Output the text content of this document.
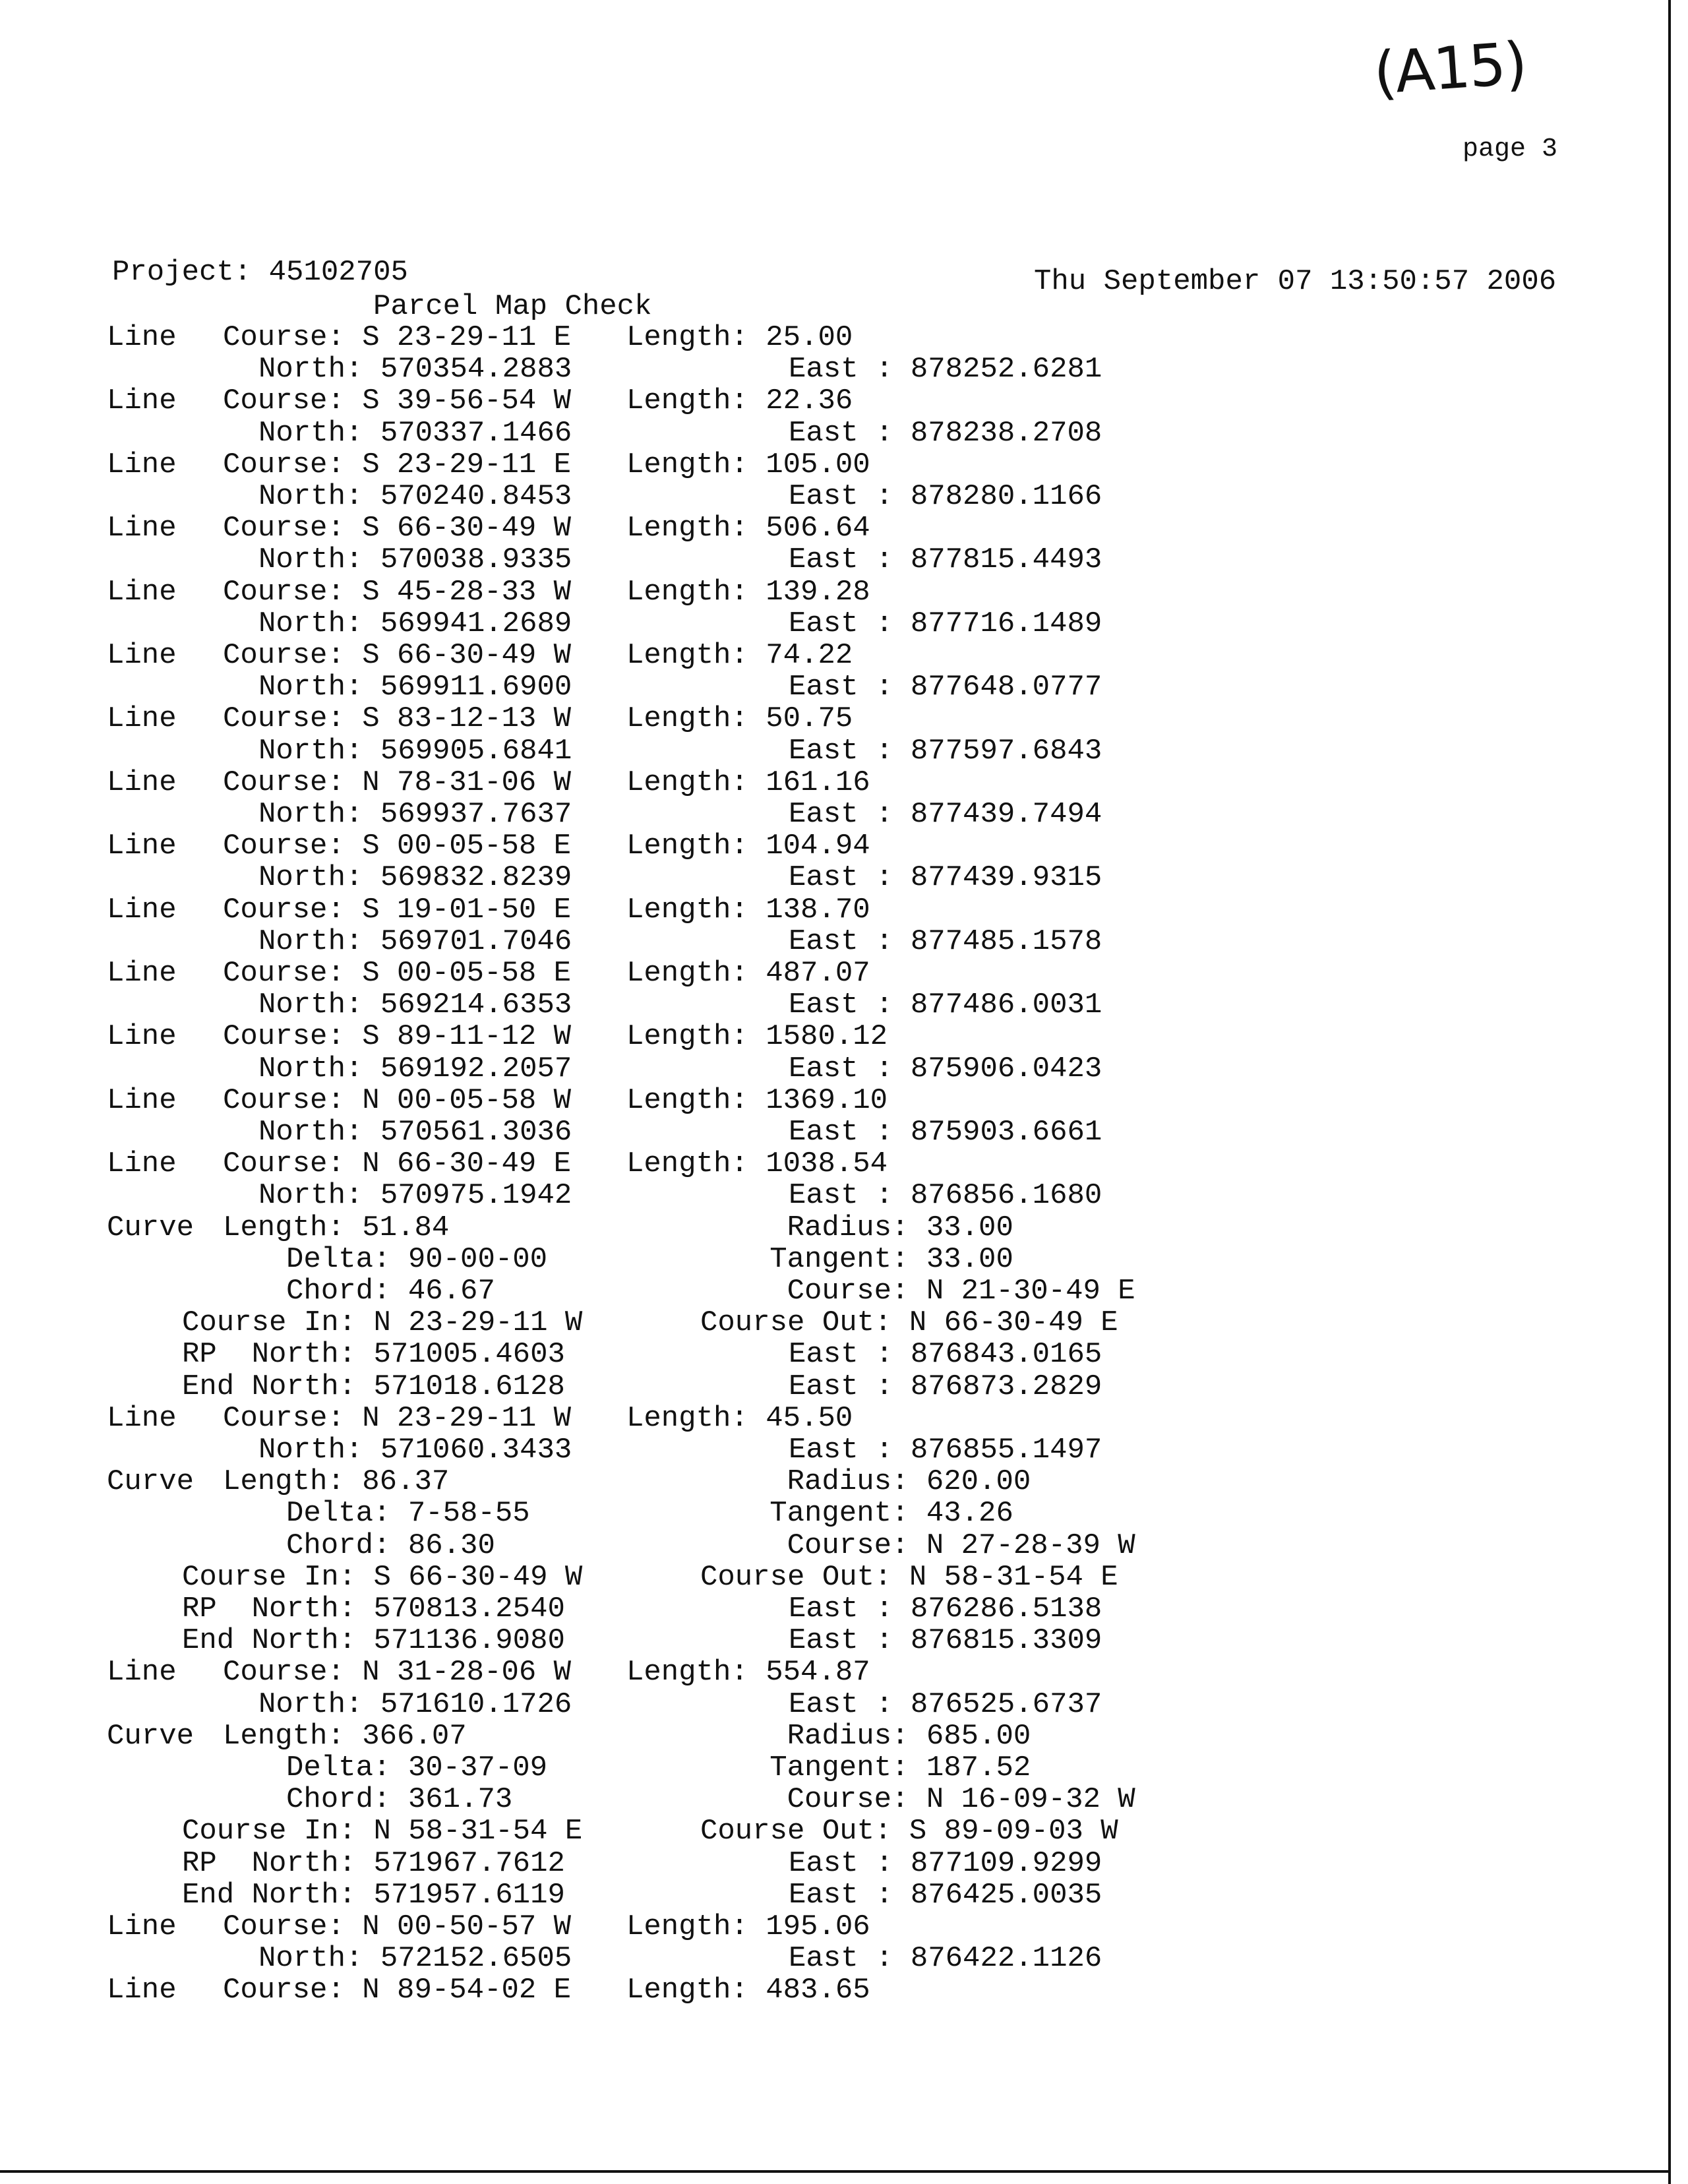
(A15)
page 3
Project: 45102705	Thu September 07 13:50:57 2006
Parcel Map Check
Line Course: S 23-29-11 E Length: 25.00
North: 570354.2883	East : 878252.6281
Line Course: S 39-56-54 W Length: 22.36
North: 570337.1466	East : 878238.2708
Line Course: S 23-29-11 E Length: 105.00
North: 570240.8453	East : 878280.1166
Line Course: S 66-30-49 W Length: 506.64
North: 570038.9335	East : 877815.4493
Line Course: S 45-28-33 W Length: 139.28
North: 569941.2689	East : 877716.1489
Line Course: S 66-30-49 W Length: 74.22
North: 569911.6900	East : 877648.0777
Line Course: S 83-12-13 W Length: 50.75
North: 569905.6841	East : 877597.6843
Line Course: N 78-31-06 W Length: 161.16
North: 569937.7637	East : 877439.7494
Line Course: S 00-05-58 E Length: 104.94
North: 569832.8239	East : 877439.9315
Line Course: S 19-01-50 E Length: 138.70
North: 569701.7046	East : 877485.1578
Line Course: S 00-05-58 E Length: 487.07
North: 569214.6353	East : 877486.0031
Line Course: S 89-11-12 W Length: 1580.12
North: 569192.2057	East : 875906.0423
Line Course: N 00-05-58 W Length: 1369.10
North: 570561.3036	East : 875903.6661
Line Course: N 66-30-49 E Length: 1038.54
North: 570975.1942	East : 876856.1680
Curve Length: 51.84	Radius: 33.00
Delta: 90-00-00	Tangent: 33.00
Chord: 46.67	Course: N 21-30-49 E
Course In: N 23-29-11 W	Course Out: N 66-30-49 E
RP  North: 571005.4603	East : 876843.0165
End North: 571018.6128	East : 876873.2829
Line Course: N 23-29-11 W Length: 45.50
North: 571060.3433	East : 876855.1497
Curve Length: 86.37	Radius: 620.00
Delta: 7-58-55	Tangent: 43.26
Chord: 86.30	Course: N 27-28-39 W
Course In: S 66-30-49 W	Course Out: N 58-31-54 E
RP  North: 570813.2540	East : 876286.5138
End North: 571136.9080	East : 876815.3309
Line Course: N 31-28-06 W Length: 554.87
North: 571610.1726	East : 876525.6737
Curve Length: 366.07	Radius: 685.00
Delta: 30-37-09	Tangent: 187.52
Chord: 361.73	Course: N 16-09-32 W
Course In: N 58-31-54 E	Course Out: S 89-09-03 W
RP  North: 571967.7612	East : 877109.9299
End North: 571957.6119	East : 876425.0035
Line Course: N 00-50-57 W Length: 195.06
North: 572152.6505	East : 876422.1126
Line Course: N 89-54-02 E Length: 483.65
